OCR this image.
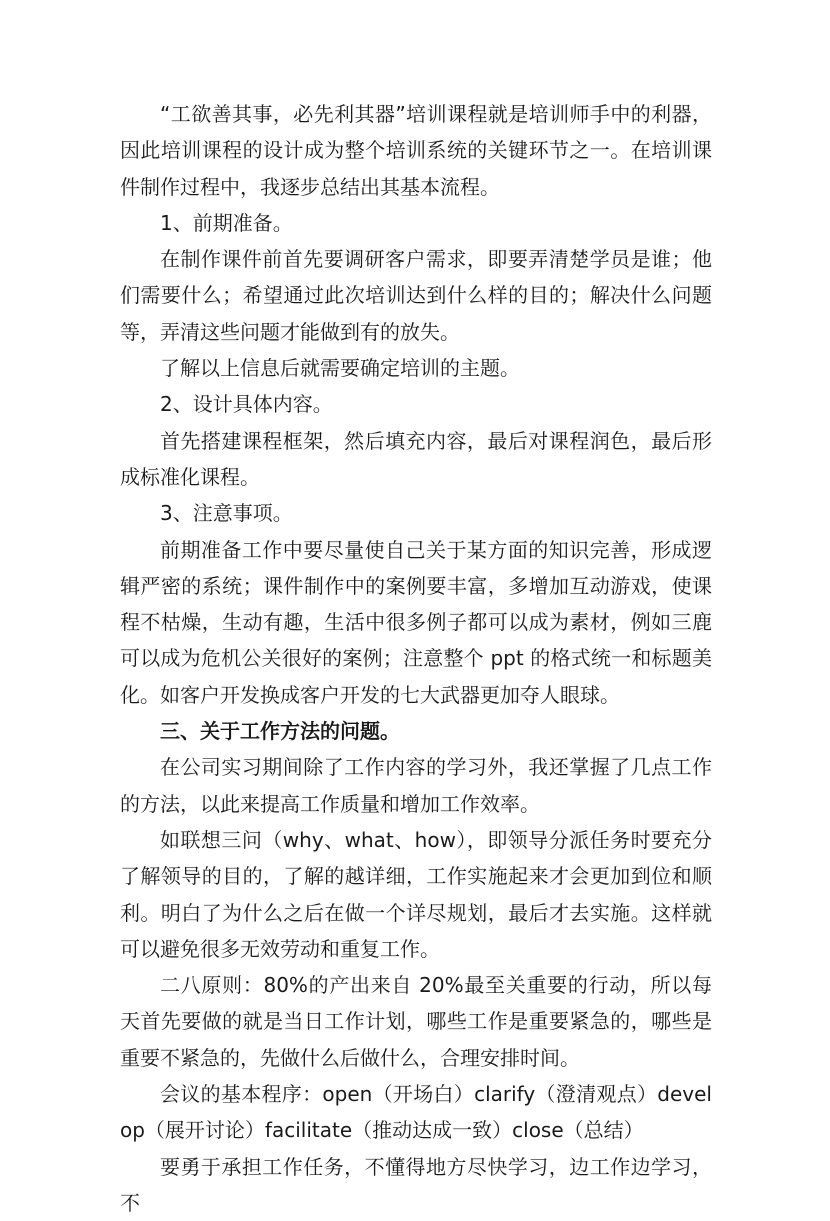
“工欲善其事，必先利其器”培训课程就是培训师手中的利器，因此培训课程的设计成为整个培训系统的关键环节之一。在培训课件制作过程中，我逐步总结出其基本流程。

1、前期准备。

在制作课件前首先要调研客户需求，即要弄清楚学员是谁；他们需要什么；希望通过此次培训达到什么样的目的；解决什么问题等，弄清这些问题才能做到有的放失。

了解以上信息后就需要确定培训的主题。

2、设计具体内容。

首先搭建课程框架，然后填充内容，最后对课程润色，最后形成标准化课程。

3、注意事项。

前期准备工作中要尽量使自己关于某方面的知识完善，形成逻辑严密的系统；课件制作中的案例要丰富，多增加互动游戏，使课程不枯燥，生动有趣，生活中很多例子都可以成为素材，例如三鹿可以成为危机公关很好的案例；注意整个 ppt 的格式统一和标题美化。如客户开发换成客户开发的七大武器更加夺人眼球。

三、关于工作方法的问题。

在公司实习期间除了工作内容的学习外，我还掌握了几点工作的方法，以此来提高工作质量和增加工作效率。

如联想三问（why、what、how），即领导分派任务时要充分了解领导的目的，了解的越详细，工作实施起来才会更加到位和顺利。明白了为什么之后在做一个详尽规划，最后才去实施。这样就可以避免很多无效劳动和重复工作。

二八原则：80%的产出来自 20%最至关重要的行动，所以每天首先要做的就是当日工作计划，哪些工作是重要紧急的，哪些是重要不紧急的，先做什么后做什么，合理安排时间。

会议的基本程序：open（开场白）clarify（澄清观点）develop（展开讨论）facilitate（推动达成一致）close（总结）

要勇于承担工作任务，不懂得地方尽快学习，边工作边学习，不
